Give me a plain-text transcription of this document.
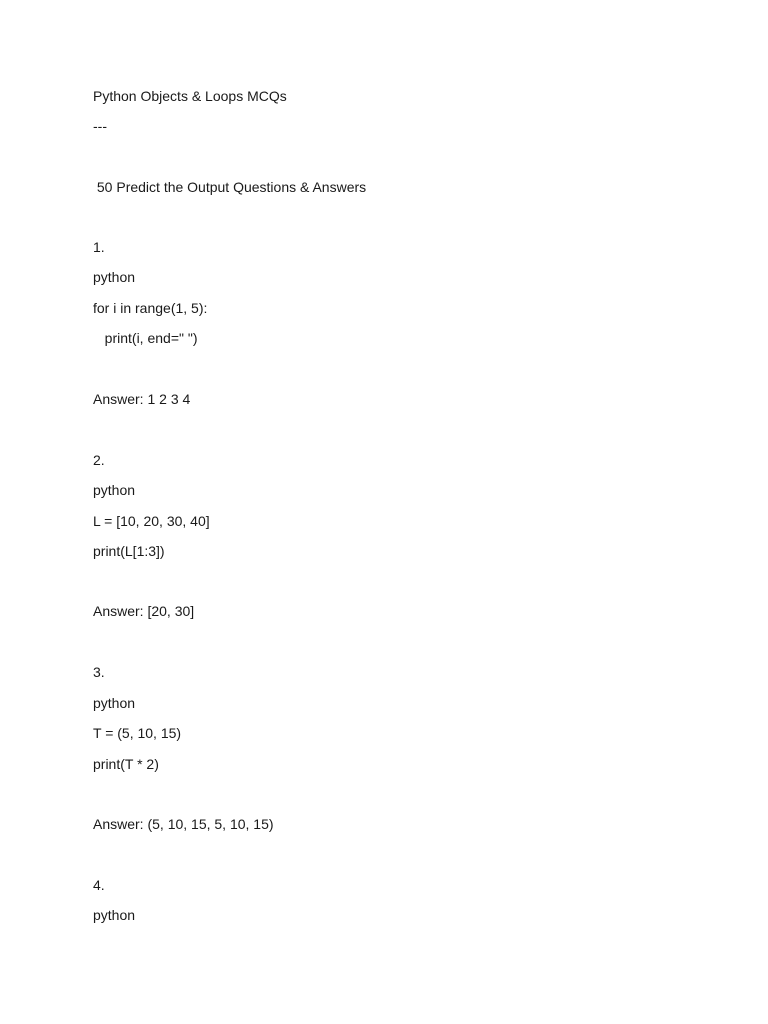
Python Objects & Loops MCQs
---
50 Predict the Output Questions & Answers
1.
python
for i in range(1, 5):
print(i, end=" ")
Answer: 1 2 3 4
2.
python
L = [10, 20, 30, 40]
print(L[1:3])
Answer: [20, 30]
3.
python
T = (5, 10, 15)
print(T * 2)
Answer: (5, 10, 15, 5, 10, 15)
4.
python
